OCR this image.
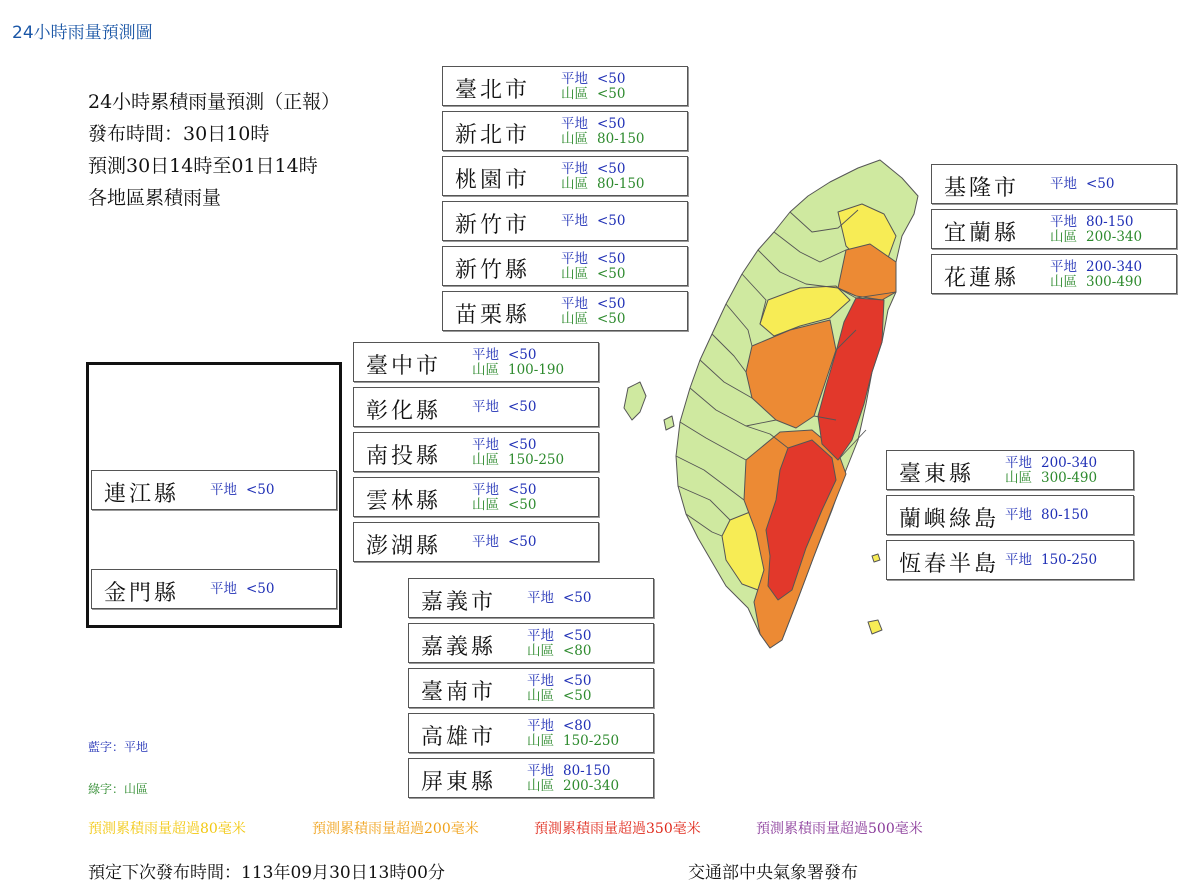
24小時雨量預測圖
24小時累積雨量預測（正報）
發布時間：30日10時
預測30日14時至01日14時
各地區累積雨量
臺北市 平地 <50
山區 <50
新北市 平地 <50
山區 80-150
桃園市 平地 <50
山區 80-150
新竹市 平地 <50
新竹縣 平地 <50
山區 <50
苗栗縣 平地 <50
山區 <50
臺中市 平地 <50
山區 100-190
彰化縣 平地 <50
南投縣 平地 <50
山區 150-250
雲林縣 平地 <50
山區 <50
澎湖縣 平地 <50
嘉義市 平地 <50
嘉義縣 平地 <50
山區 <80
臺南市 平地 <50
山區 <50
高雄市 平地 <80
山區 150-250
屏東縣 平地 80-150
山區 200-340
基隆市 平地 <50
宜蘭縣 平地 80-150
山區 200-340
花蓮縣 平地 200-340
山區 300-490
臺東縣 平地 200-340
山區 300-490
蘭嶼綠島 平地 80-150
恆春半島 平地 150-250
連江縣 平地 <50
金門縣 平地 <50
藍字：平地
綠字：山區
預測累積雨量超過80毫米	預測累積雨量超過200毫米	預測累積雨量超過350毫米	預測累積雨量超過500毫米
預定下次發布時間：113年09月30日13時00分	交通部中央氣象署發布
